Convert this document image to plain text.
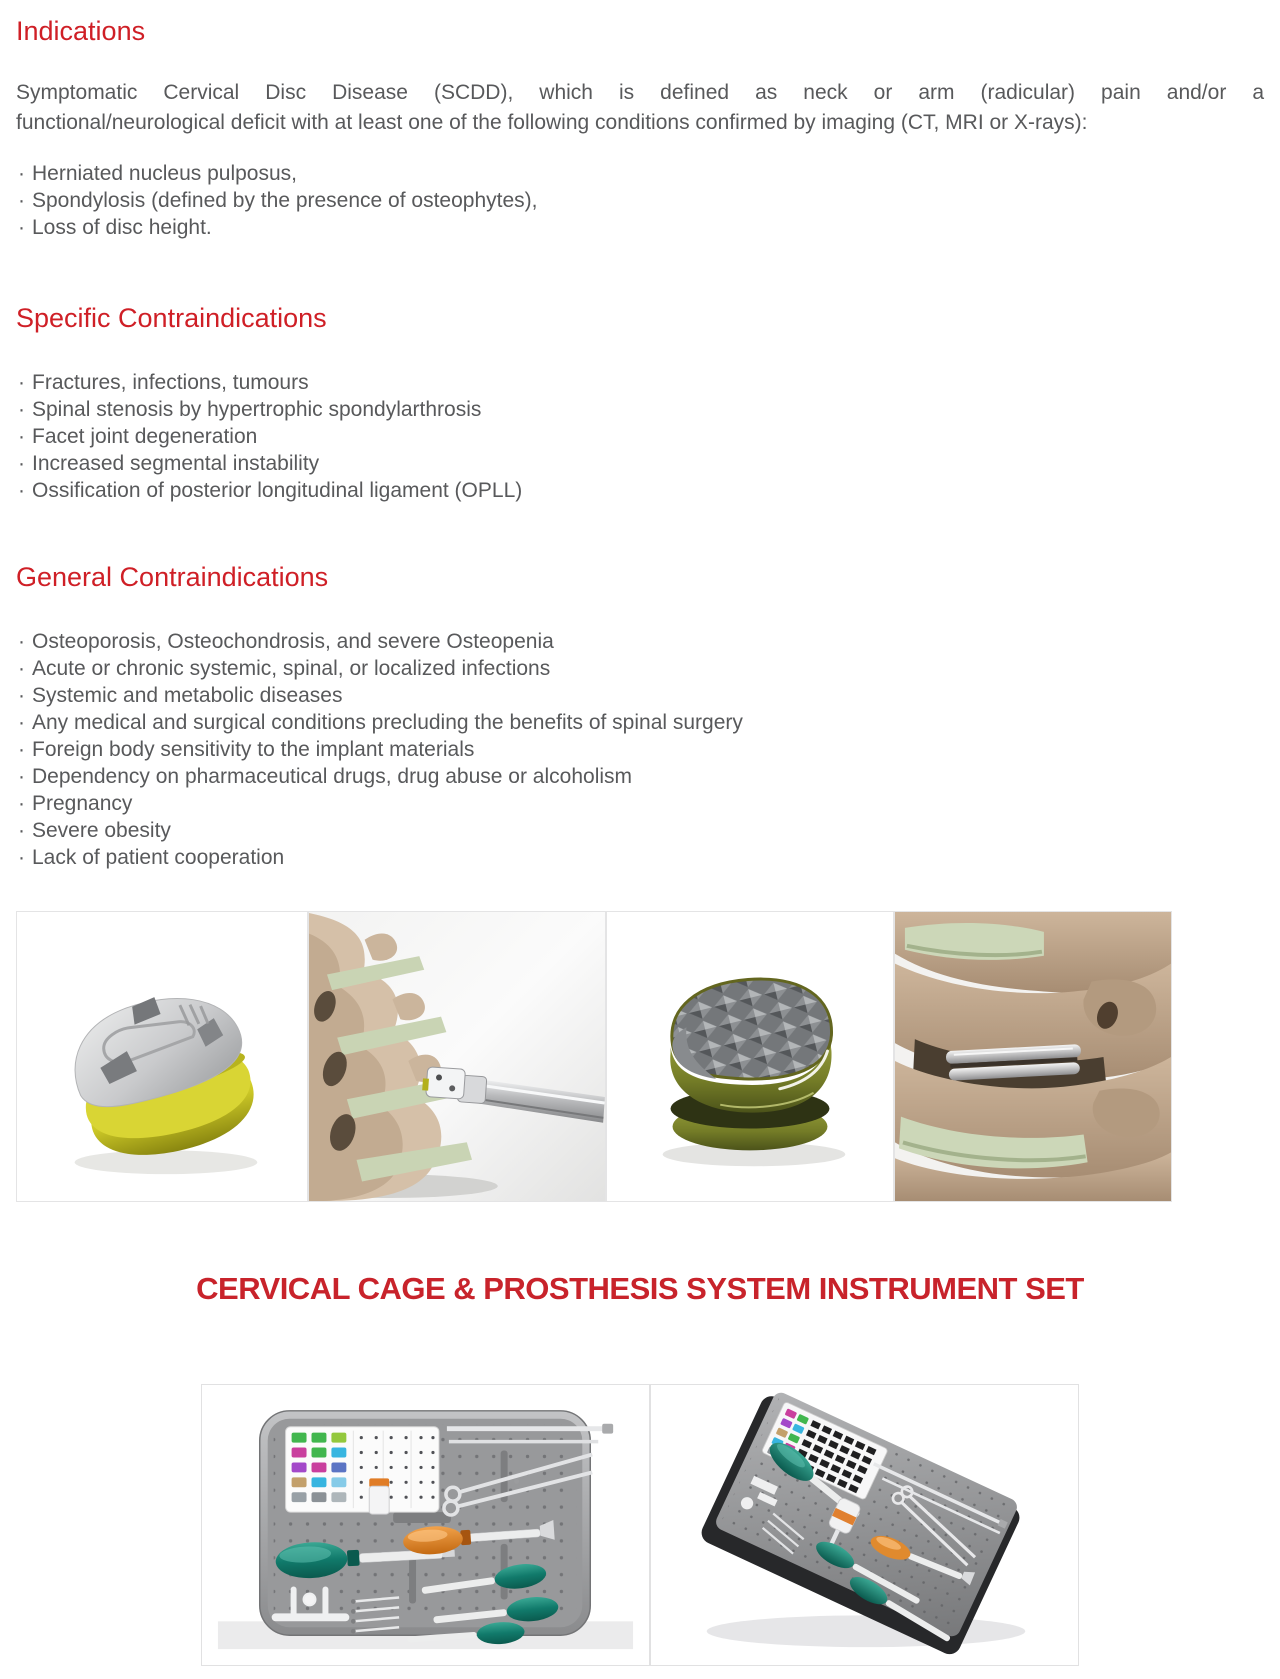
Indications

Symptomatic Cervical Disc Disease (SCDD), which is defined as neck or arm (radicular) pain and/or a
functional/neurological deficit with at least one of the following conditions confirmed by imaging (CT, MRI or X-rays):

· Herniated nucleus pulposus,
· Spondylosis (defined by the presence of osteophytes),
· Loss of disc height.
Specific Contraindications
· Fractures, infections, tumours
· Spinal stenosis by hypertrophic spondylarthrosis
· Facet joint degeneration
· Increased segmental instability
· Ossification of posterior longitudinal ligament (OPLL)
General Contraindications
· Osteoporosis, Osteochondrosis, and severe Osteopenia
· Acute or chronic systemic, spinal, or localized infections
· Systemic and metabolic diseases
· Any medical and surgical conditions precluding the benefits of spinal surgery
· Foreign body sensitivity to the implant materials
· Dependency on pharmaceutical drugs, drug abuse or alcoholism
· Pregnancy
· Severe obesity
· Lack of patient cooperation
CERVICAL CAGE & PROSTHESIS SYSTEM INSTRUMENT SET
